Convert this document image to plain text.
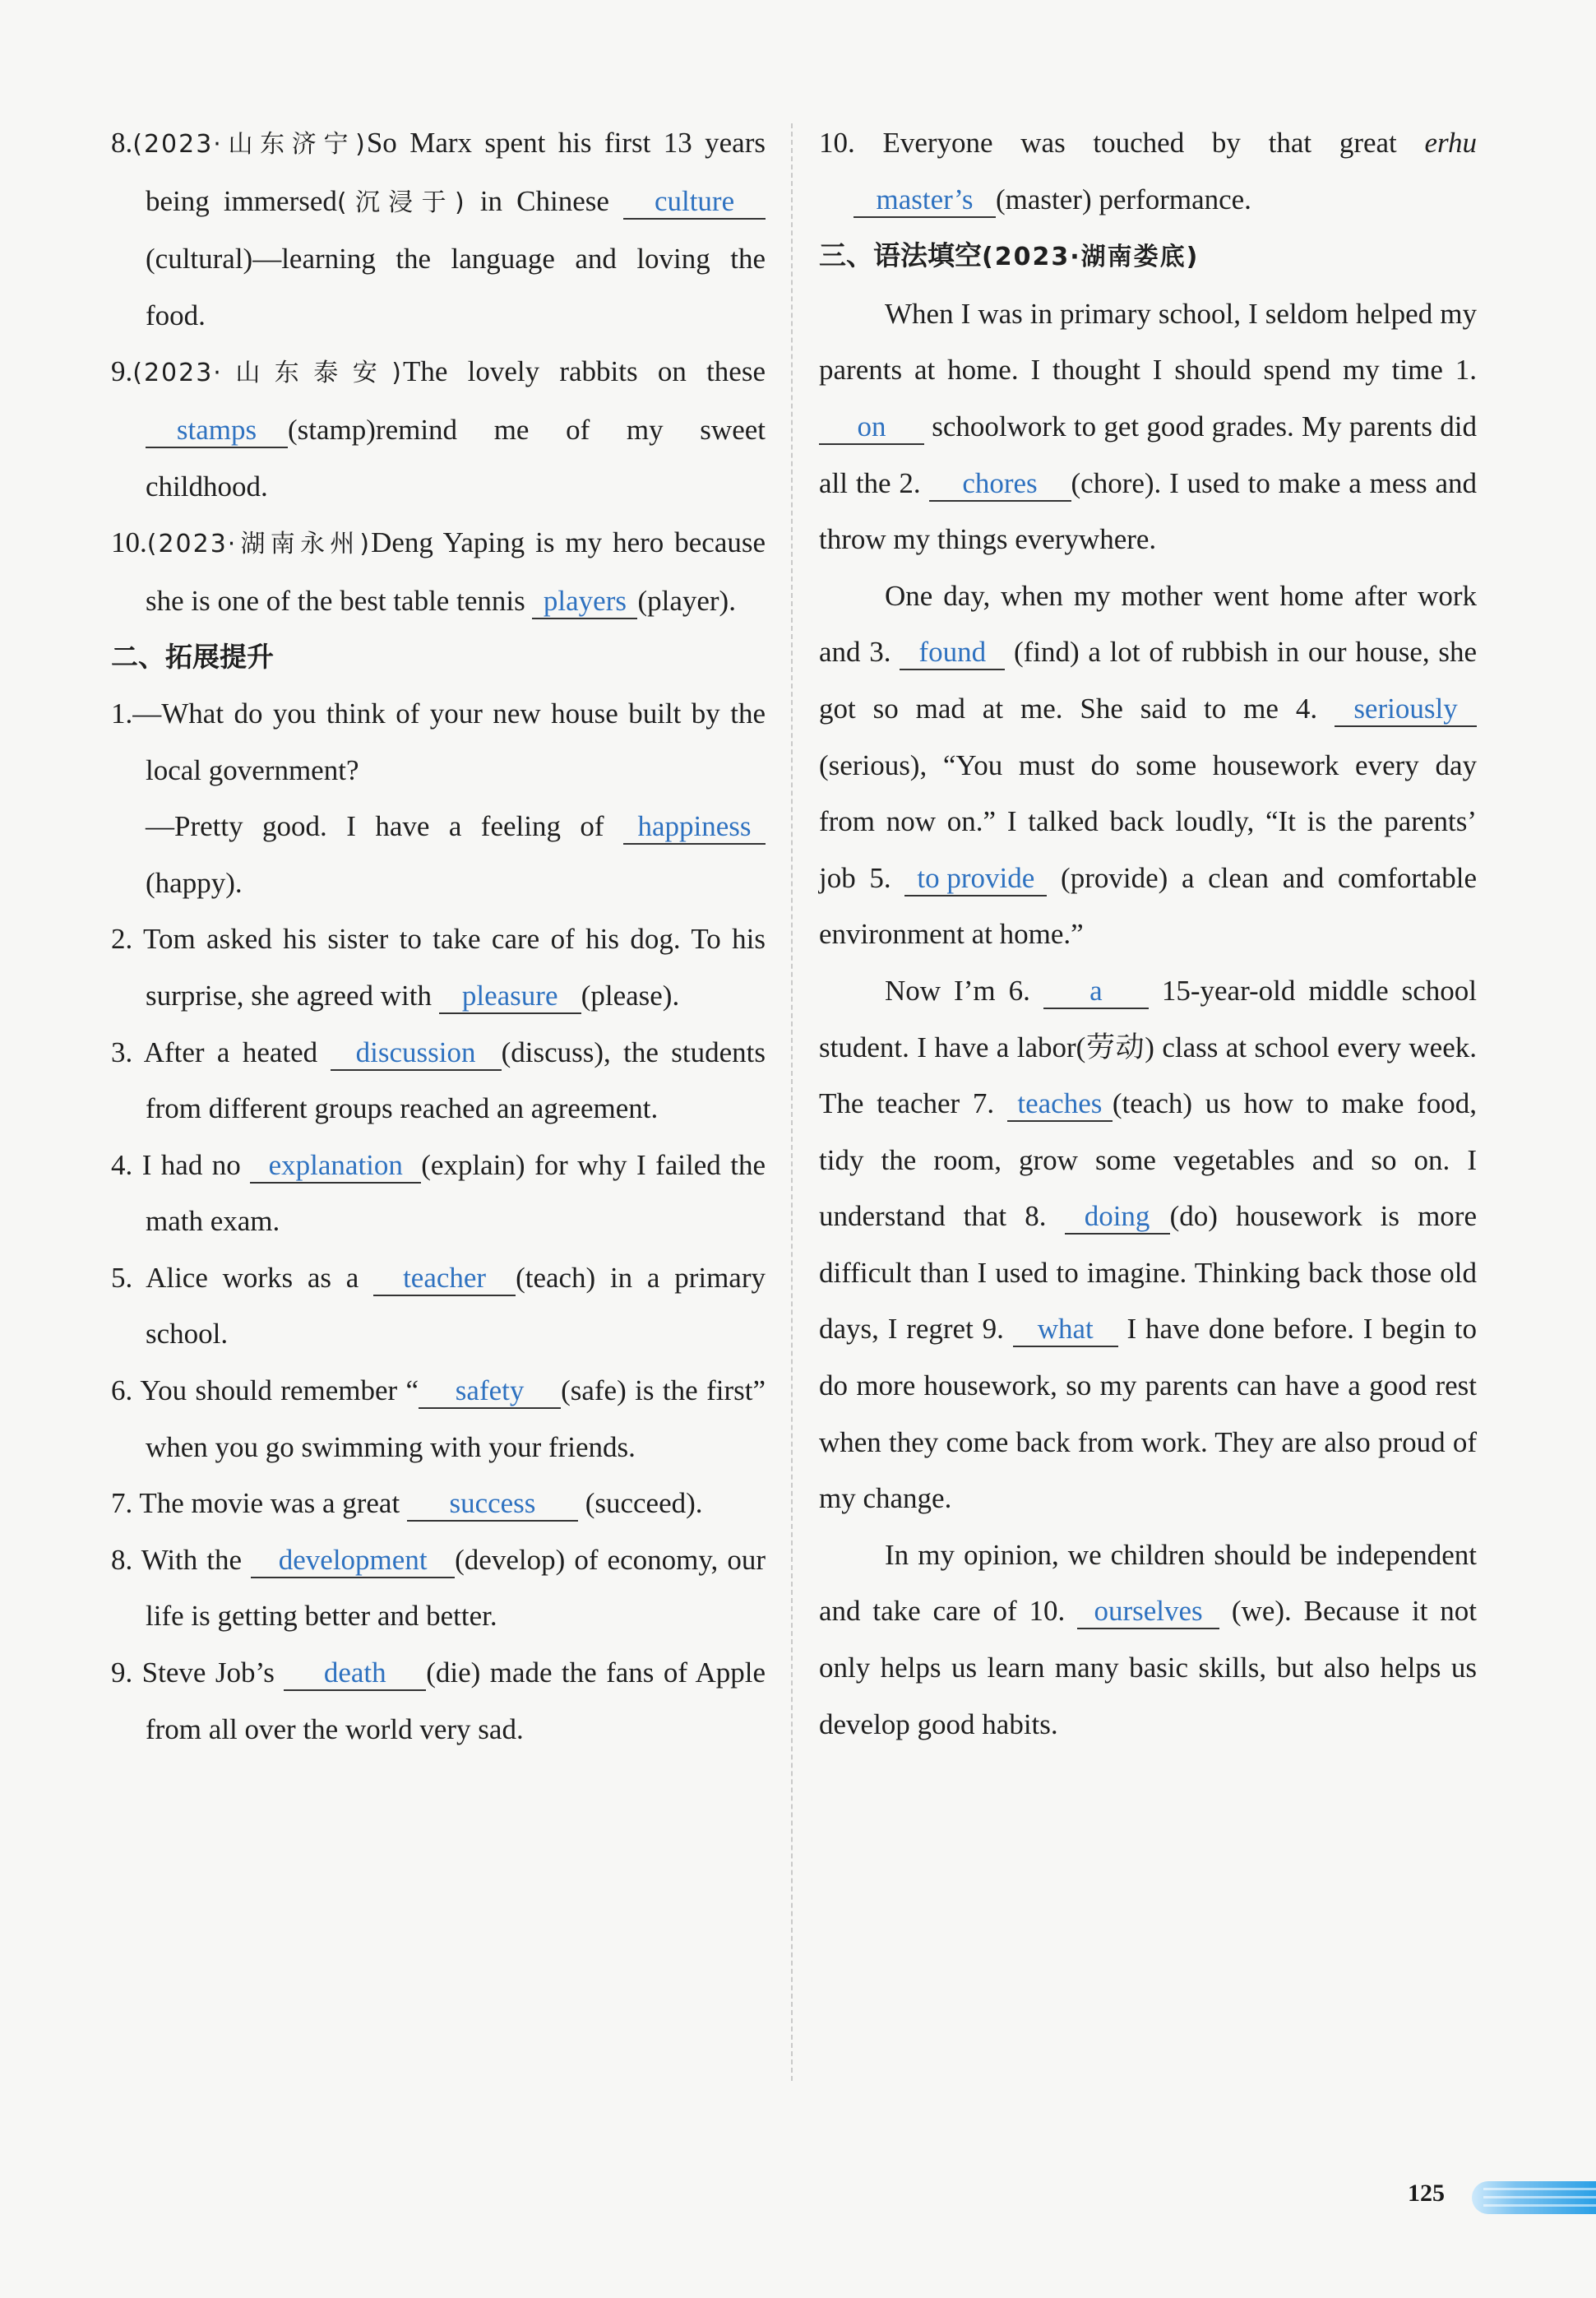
8.(2023·山东济宁)So Marx spent his first 13 years being immersed(沉浸于) in Chinese culture (cultural)—learning the language and loving the food.
9.(2023·山东泰安)The lovely rabbits on these stamps (stamp)remind me of my sweet childhood.
10.(2023·湖南永州)Deng Yaping is my hero because she is one of the best table tennis players (player).
二、拓展提升
1.—What do you think of your new house built by the local government?
—Pretty good. I have a feeling of happiness(happy).
2. Tom asked his sister to take care of his dog. To his surprise, she agreed with pleasure (please).
3. After a heated discussion (discuss), the students from different groups reached an agreement.
4. I had no explanation (explain) for why I failed the math exam.
5. Alice works as a teacher (teach) in a primary school.
6. You should remember “ safety (safe) is the first” when you go swimming with your friends.
7. The movie was a great success (succeed).
8. With the development (develop) of economy, our life is getting better and better.
9. Steve Job’s death (die) made the fans of Apple from all over the world very sad.
10. Everyone was touched by that great erhu master’s (master) performance.
三、语法填空(2023·湖南娄底)
When I was in primary school, I seldom helped my parents at home. I thought I should spend my time 1. on schoolwork to get good grades. My parents did all the 2. chores (chore). I used to make a mess and throw my things everywhere.
One day, when my mother went home after work and 3. found (find) a lot of rubbish in our house, she got so mad at me. She said to me 4. seriously (serious), “You must do some housework every day from now on.” I talked back loudly, “It is the parents’ job 5. to provide (provide) a clean and comfortable environment at home.”
Now I’m 6. a 15-year-old middle school student. I have a labor(劳动) class at school every week. The teacher 7. teaches (teach) us how to make food, tidy the room, grow some vegetables and so on. I understand that 8. doing (do) housework is more difficult than I used to imagine. Thinking back those old days, I regret 9. what I have done before. I begin to do more housework, so my parents can have a good rest when they come back from work. They are also proud of my change.
In my opinion, we children should be independent and take care of 10. ourselves (we). Because it not only helps us learn many basic skills, but also helps us develop good habits.
125
